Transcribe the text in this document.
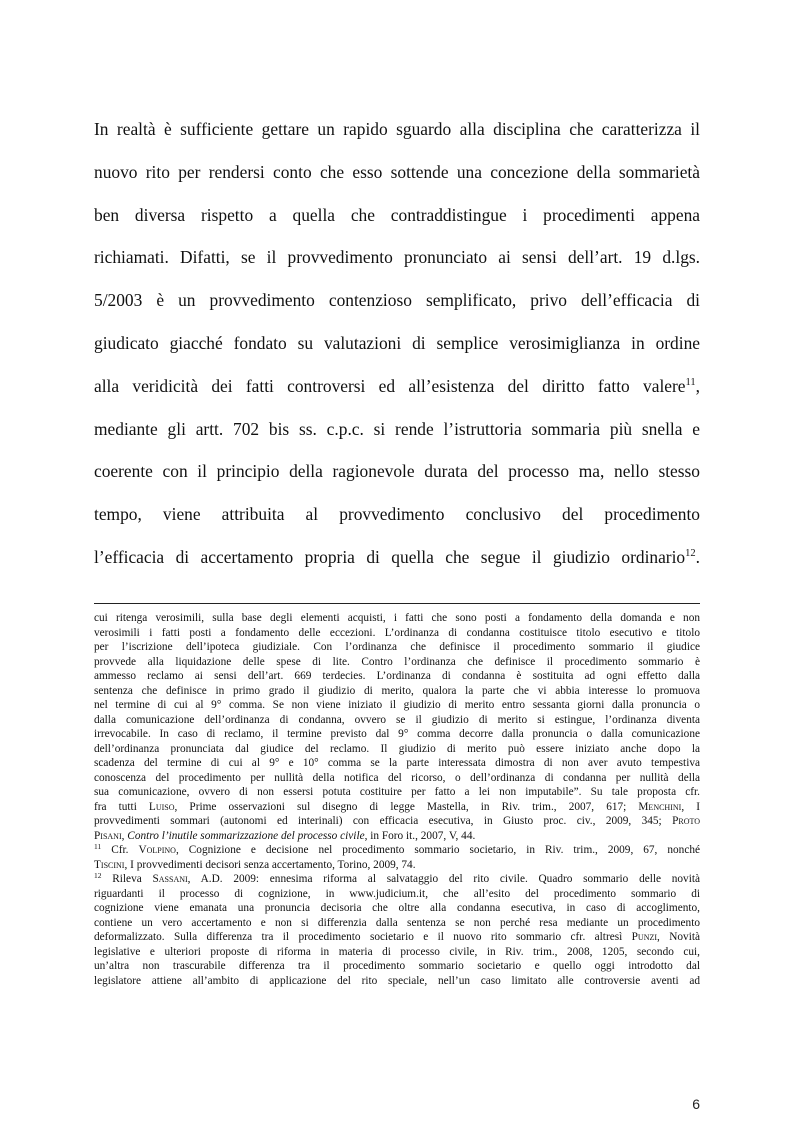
In realtà è sufficiente gettare un rapido sguardo alla disciplina che caratterizza il
nuovo rito per rendersi conto che esso sottende una concezione della sommarietà
ben diversa rispetto a quella che contraddistingue i procedimenti appena
richiamati. Difatti, se il provvedimento pronunciato ai sensi dell’art. 19 d.lgs.
5/2003 è un provvedimento contenzioso semplificato, privo dell’efficacia di
giudicato giacché fondato su valutazioni di semplice verosimiglianza in ordine
alla veridicità dei fatti controversi ed all’esistenza del diritto fatto valere$^{11}$,
mediante gli artt. 702 bis ss. c.p.c. si rende l’istruttoria sommaria più snella e
coerente con il principio della ragionevole durata del processo ma, nello stesso
tempo, viene attribuita al provvedimento conclusivo del procedimento
l’efficacia di accertamento propria di quella che segue il giudizio ordinario$^{12}$.
cui ritenga verosimili, sulla base degli elementi acquisti, i fatti che sono posti a fondamento della domanda e non
verosimili i fatti posti a fondamento delle eccezioni. L’ordinanza di condanna costituisce titolo esecutivo e titolo
per l’iscrizione dell’ipoteca giudiziale. Con l’ordinanza che definisce il procedimento sommario il giudice
provvede alla liquidazione delle spese di lite. Contro l’ordinanza che definisce il procedimento sommario è
ammesso reclamo ai sensi dell’art. 669 terdecies. L’ordinanza di condanna è sostituita ad ogni effetto dalla
sentenza che definisce in primo grado il giudizio di merito, qualora la parte che vi abbia interesse lo promuova
nel termine di cui al 9° comma. Se non viene iniziato il giudizio di merito entro sessanta giorni dalla pronuncia o
dalla comunicazione dell’ordinanza di condanna, ovvero se il giudizio di merito si estingue, l’ordinanza diventa
irrevocabile. In caso di reclamo, il termine previsto dal 9° comma decorre dalla pronuncia o dalla comunicazione
dell’ordinanza pronunciata dal giudice del reclamo. Il giudizio di merito può essere iniziato anche dopo la
scadenza del termine di cui al 9° e 10° comma se la parte interessata dimostra di non aver avuto tempestiva
conoscenza del procedimento per nullità della notifica del ricorso, o dell’ordinanza di condanna per nullità della
sua comunicazione, ovvero di non essersi potuta costituire per fatto a lei non imputabile”. Su tale proposta cfr.
fra tutti Luiso, Prime osservazioni sul disegno di legge Mastella, in Riv. trim., 2007, 617; Menchini, I
provvedimenti sommari (autonomi ed interinali) con efficacia esecutiva, in Giusto proc. civ., 2009, 345; Proto
Pisani, Contro l’inutile sommarizzazione del processo civile, in Foro it., 2007, V, 44.
$^{11}$ Cfr. Volpino, Cognizione e decisione nel procedimento sommario societario, in Riv. trim., 2009, 67, nonché
Tiscini, I provvedimenti decisori senza accertamento, Torino, 2009, 74.
$^{12}$ Rileva Sassani, A.D. 2009: ennesima riforma al salvataggio del rito civile. Quadro sommario delle novità
riguardanti il processo di cognizione, in www.judicium.it, che all’esito del procedimento sommario di
cognizione viene emanata una pronuncia decisoria che oltre alla condanna esecutiva, in caso di accoglimento,
contiene un vero accertamento e non si differenzia dalla sentenza se non perché resa mediante un procedimento
deformalizzato. Sulla differenza tra il procedimento societario e il nuovo rito sommario cfr. altresì Punzi, Novità
legislative e ulteriori proposte di riforma in materia di processo civile, in Riv. trim., 2008, 1205, secondo cui,
un’altra non trascurabile differenza tra il procedimento sommario societario e quello oggi introdotto dal
legislatore attiene all’ambito di applicazione del rito speciale, nell’un caso limitato alle controversie aventi ad
6
